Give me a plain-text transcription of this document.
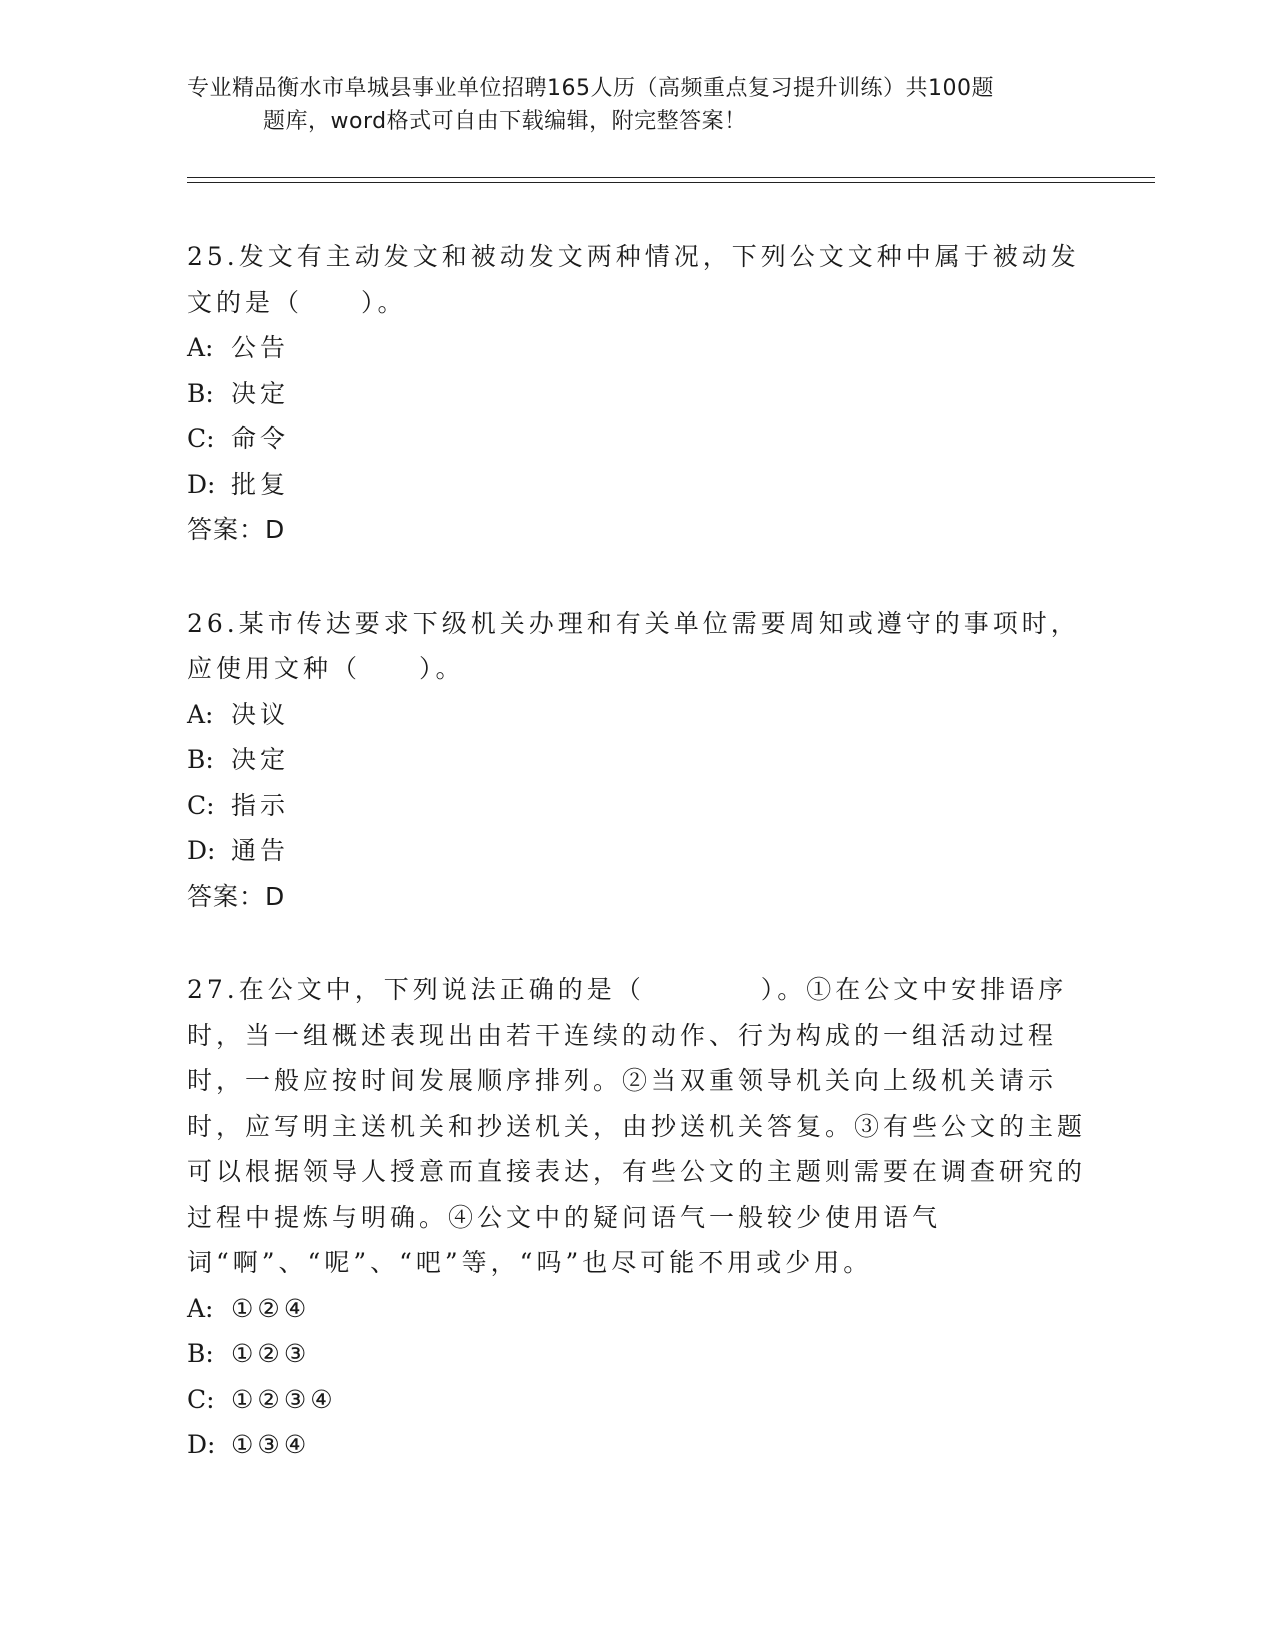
专业精品衡水市阜城县事业单位招聘165人历（高频重点复习提升训练）共100题
题库，word格式可自由下载编辑，附完整答案！
25.发文有主动发文和被动发文两种情况，下列公文文种中属于被动发文的是（　　）。
A: 公告
B: 决定
C: 命令
D: 批复
答案：D
26.某市传达要求下级机关办理和有关单位需要周知或遵守的事项时，应使用文种（　　）。
A: 决议
B: 决定
C: 指示
D: 通告
答案：D
27.在公文中，下列说法正确的是（　　　　）。①在公文中安排语序时，当一组概述表现出由若干连续的动作、行为构成的一组活动过程时，一般应按时间发展顺序排列。②当双重领导机关向上级机关请示时，应写明主送机关和抄送机关，由抄送机关答复。③有些公文的主题可以根据领导人授意而直接表达，有些公文的主题则需要在调查研究的过程中提炼与明确。④公文中的疑问语气一般较少使用语气词“啊”、“呢”、“吧”等，“吗”也尽可能不用或少用。
A: ①②④
B: ①②③
C: ①②③④
D: ①③④
